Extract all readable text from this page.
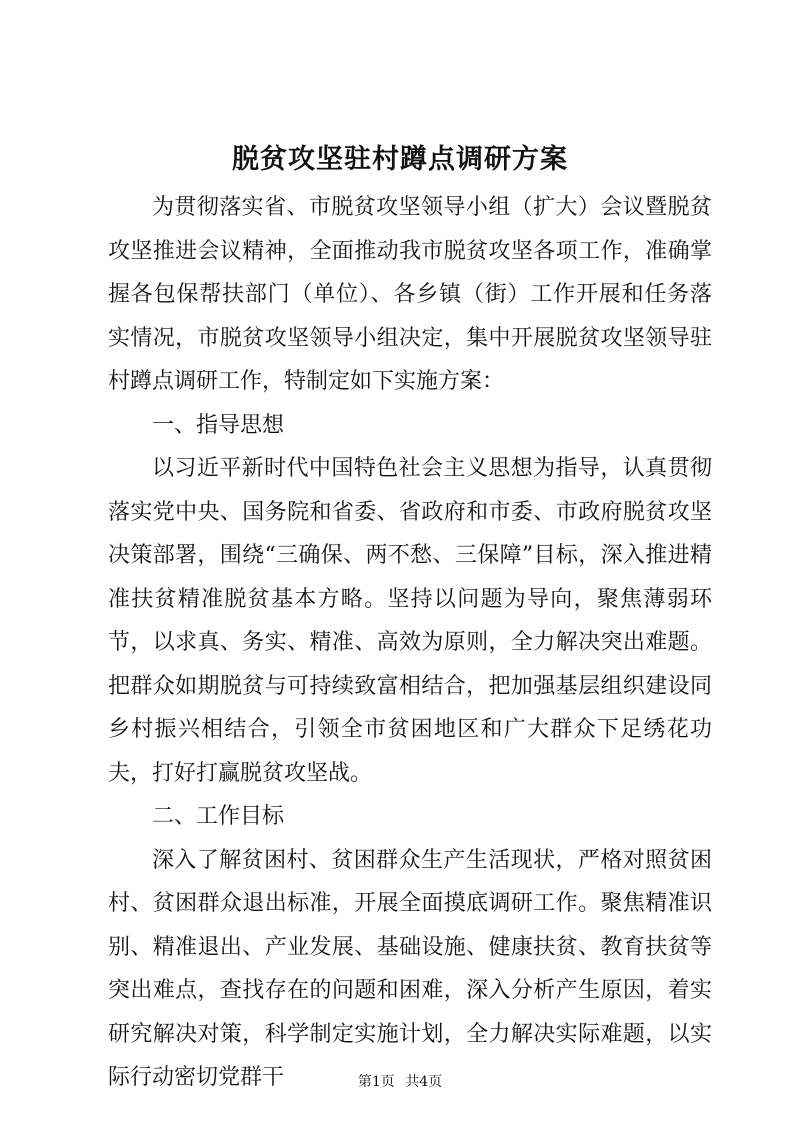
脱贫攻坚驻村蹲点调研方案

为贯彻落实省、市脱贫攻坚领导小组（扩大）会议暨脱贫攻坚推进会议精神，全面推动我市脱贫攻坚各项工作，准确掌握各包保帮扶部门（单位）、各乡镇（街）工作开展和任务落实情况，市脱贫攻坚领导小组决定，集中开展脱贫攻坚领导驻村蹲点调研工作，特制定如下实施方案：

一、指导思想

以习近平新时代中国特色社会主义思想为指导，认真贯彻落实党中央、国务院和省委、省政府和市委、市政府脱贫攻坚决策部署，围绕“三确保、两不愁、三保障”目标，深入推进精准扶贫精准脱贫基本方略。坚持以问题为导向，聚焦薄弱环节，以求真、务实、精准、高效为原则，全力解决突出难题。把群众如期脱贫与可持续致富相结合，把加强基层组织建设同乡村振兴相结合，引领全市贫困地区和广大群众下足绣花功夫，打好打赢脱贫攻坚战。

二、工作目标

深入了解贫困村、贫困群众生产生活现状，严格对照贫困村、贫困群众退出标准，开展全面摸底调研工作。聚焦精准识别、精准退出、产业发展、基础设施、健康扶贫、教育扶贫等突出难点，查找存在的问题和困难，深入分析产生原因，着实研究解决对策，科学制定实施计划，全力解决实际难题，以实际行动密切党群干	第1页 共4页
